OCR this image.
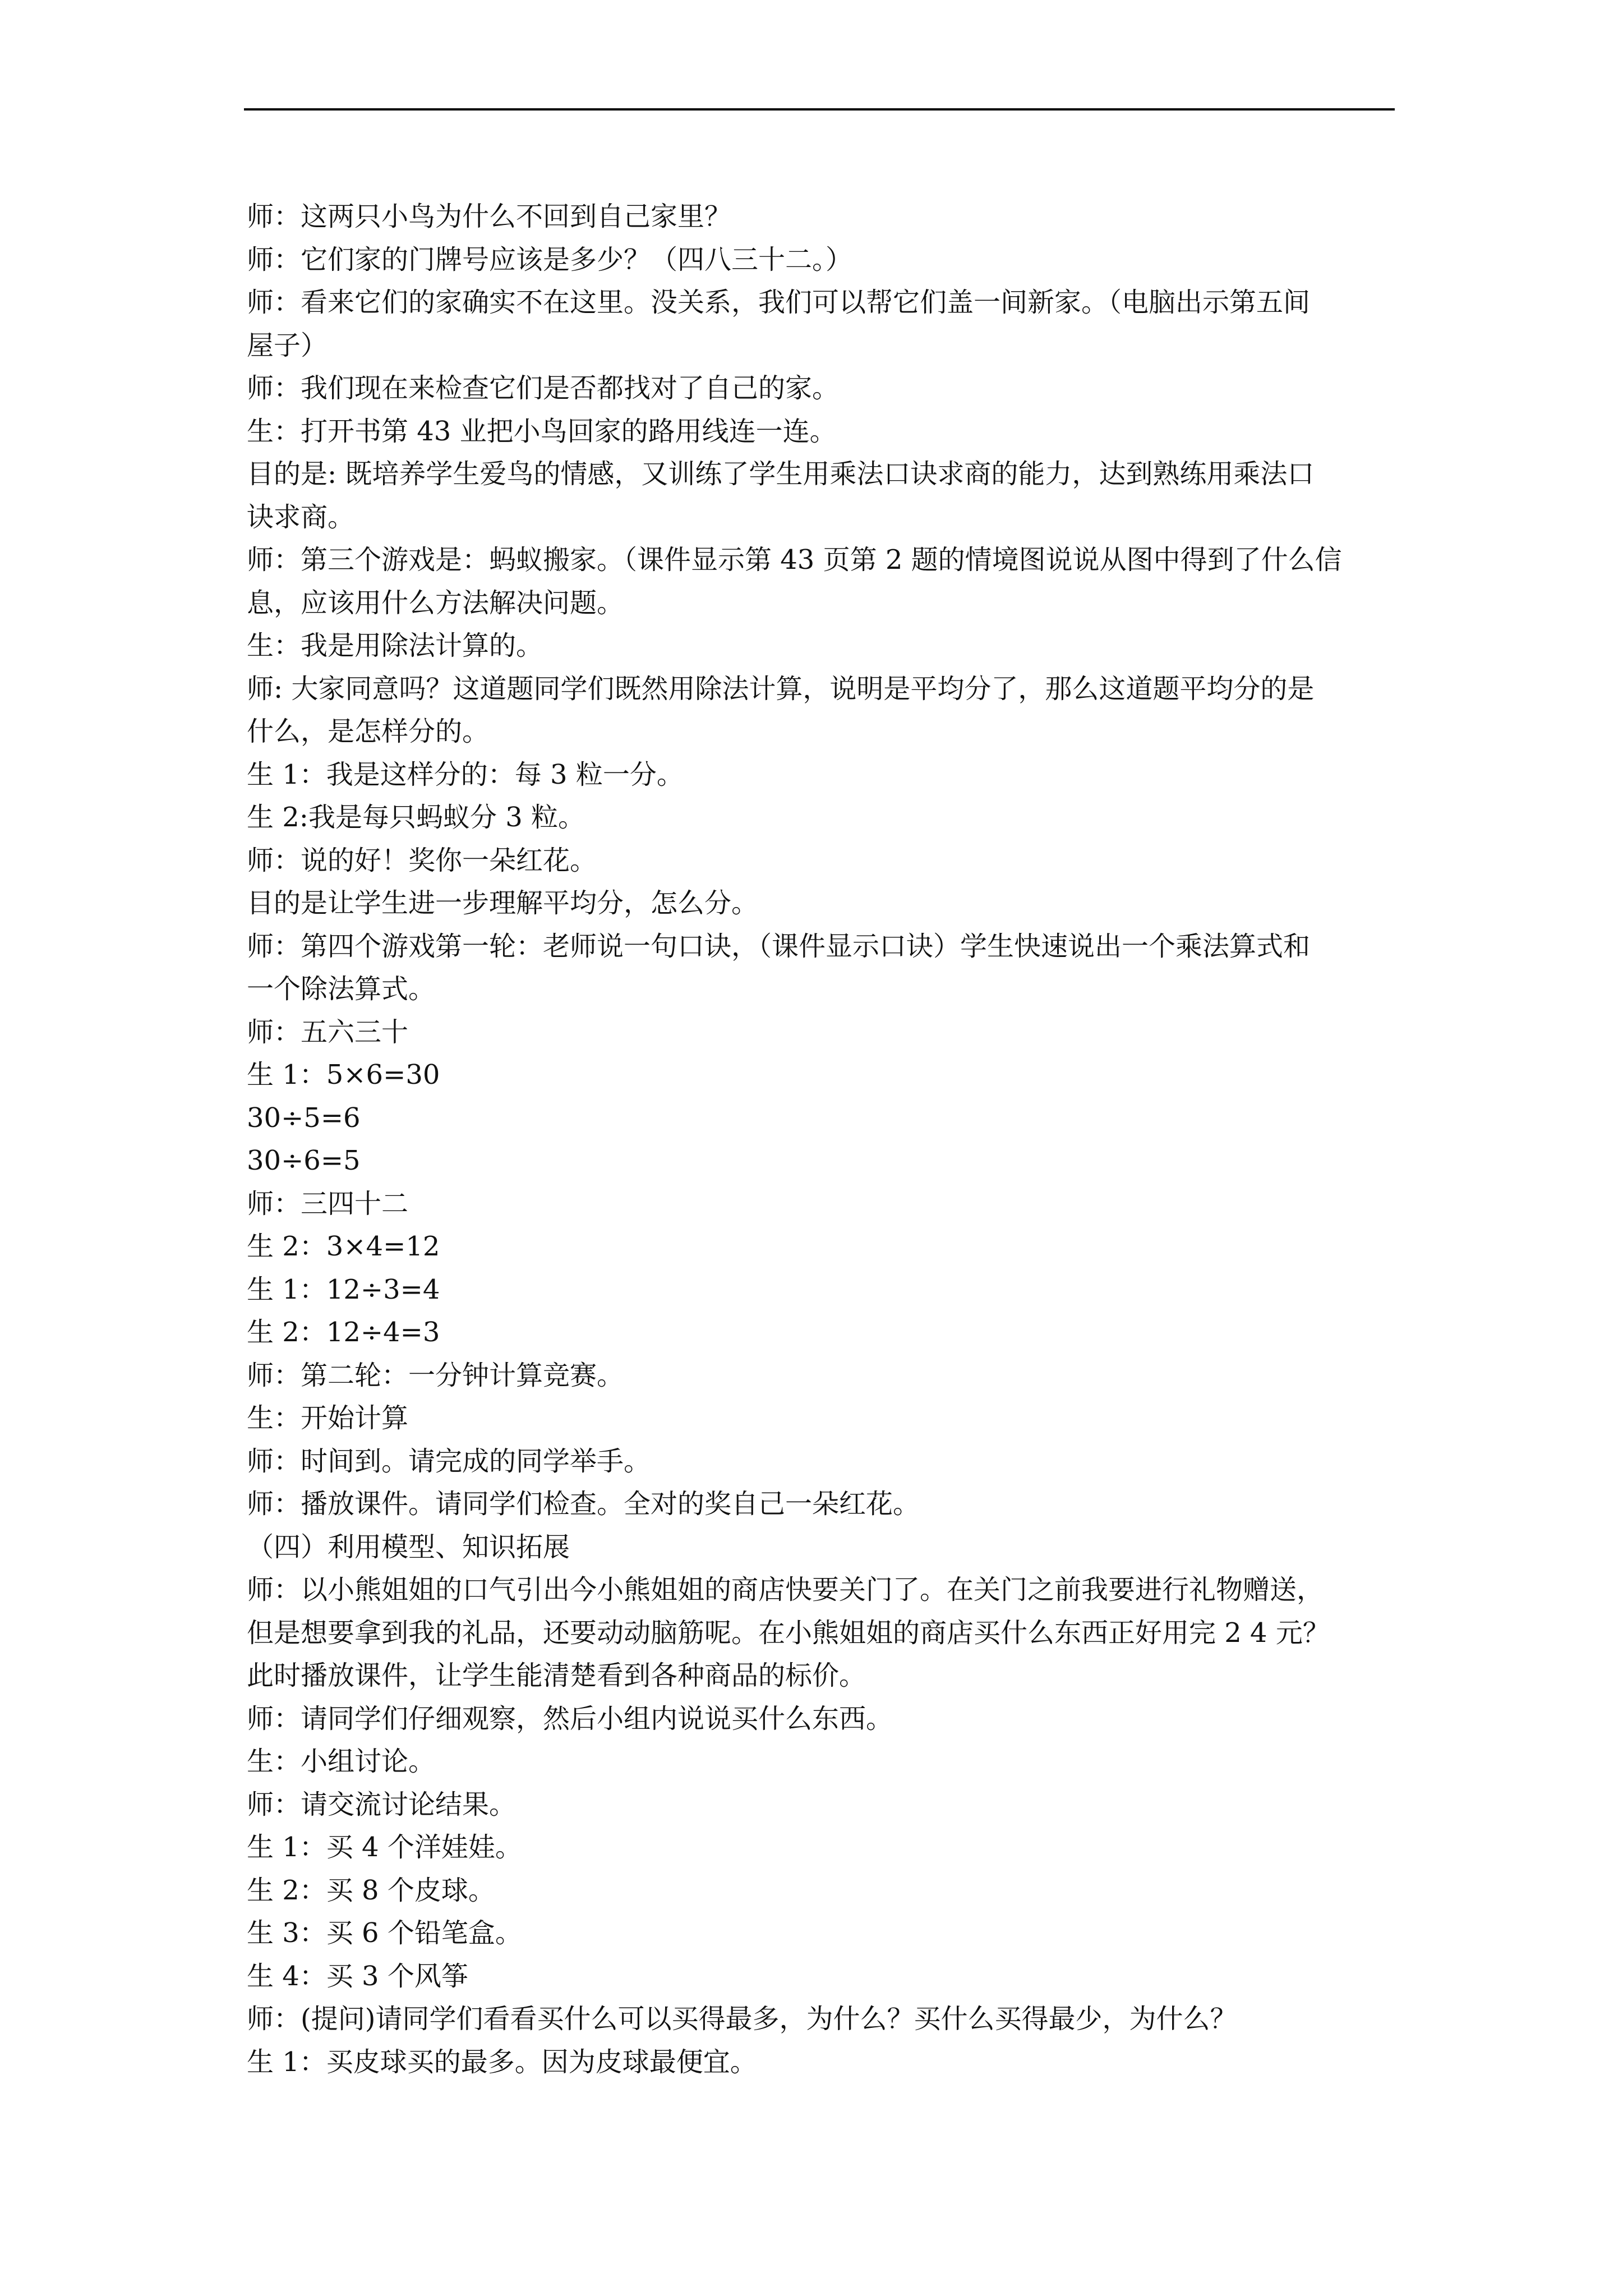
师：这两只小鸟为什么不回到自己家里？
师：它们家的门牌号应该是多少？（四八三十二。）
师：看来它们的家确实不在这里。没关系，我们可以帮它们盖一间新家。（电脑出示第五间
屋子）
师：我们现在来检查它们是否都找对了自己的家。
生：打开书第 43 业把小鸟回家的路用线连一连。
目的是: 既培养学生爱鸟的情感，又训练了学生用乘法口诀求商的能力，达到熟练用乘法口
诀求商。
师：第三个游戏是：蚂蚁搬家。（课件显示第 43 页第 2 题的情境图说说从图中得到了什么信
息，应该用什么方法解决问题。
生：我是用除法计算的。
师: 大家同意吗？这道题同学们既然用除法计算，说明是平均分了，那么这道题平均分的是
什么，是怎样分的。
生 1：我是这样分的：每 3 粒一分。
生 2:我是每只蚂蚁分 3 粒。
师：说的好！奖你一朵红花。
目的是让学生进一步理解平均分，怎么分。
师：第四个游戏第一轮：老师说一句口诀，（课件显示口诀）学生快速说出一个乘法算式和
一个除法算式。
师：五六三十
生 1：5×6=30
30÷5=6
30÷6=5
师：三四十二
生 2：3×4=12
生 1：12÷3=4
生 2：12÷4=3
师：第二轮：一分钟计算竞赛。
生：开始计算
师：时间到。请完成的同学举手。
师：播放课件。请同学们检查。全对的奖自己一朵红花。
（四）利用模型、知识拓展
师：以小熊姐姐的口气引出今小熊姐姐的商店快要关门了。在关门之前我要进行礼物赠送，
但是想要拿到我的礼品，还要动动脑筋呢。在小熊姐姐的商店买什么东西正好用完 2 4 元？
此时播放课件，让学生能清楚看到各种商品的标价。
师：请同学们仔细观察，然后小组内说说买什么东西。
生：小组讨论。
师：请交流讨论结果。
生 1：买 4 个洋娃娃。
生 2：买 8 个皮球。
生 3：买 6 个铅笔盒。
生 4：买 3 个风筝
师：(提问)请同学们看看买什么可以买得最多，为什么？买什么买得最少，为什么？
生 1：买皮球买的最多。因为皮球最便宜。
